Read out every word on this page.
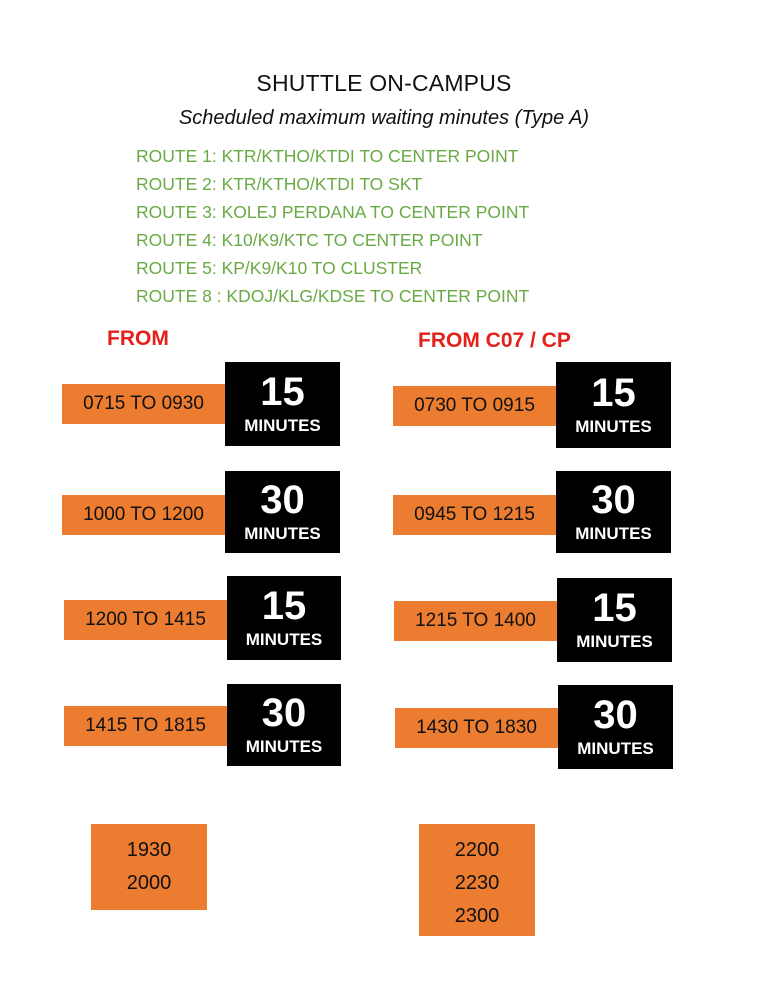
SHUTTLE ON-CAMPUS
Scheduled maximum waiting minutes (Type A)
ROUTE 1: KTR/KTHO/KTDI TO CENTER POINT
ROUTE 2: KTR/KTHO/KTDI TO SKT
ROUTE 3: KOLEJ PERDANA TO CENTER POINT
ROUTE 4: K10/K9/KTC TO CENTER POINT
ROUTE 5: KP/K9/K10 TO CLUSTER
ROUTE 8 : KDOJ/KLG/KDSE TO CENTER POINT
FROM
0715 TO 0930	15
MINUTES
1000 TO 1200	30
MINUTES
1200 TO 1415	15
MINUTES
1415 TO 1815	30
MINUTES
1930
2000
FROM C07 / CP
0730 TO 0915	15
MINUTES
0945 TO 1215	30
MINUTES
1215 TO 1400	15
MINUTES
1430 TO 1830	30
MINUTES
2200
2230
2300
